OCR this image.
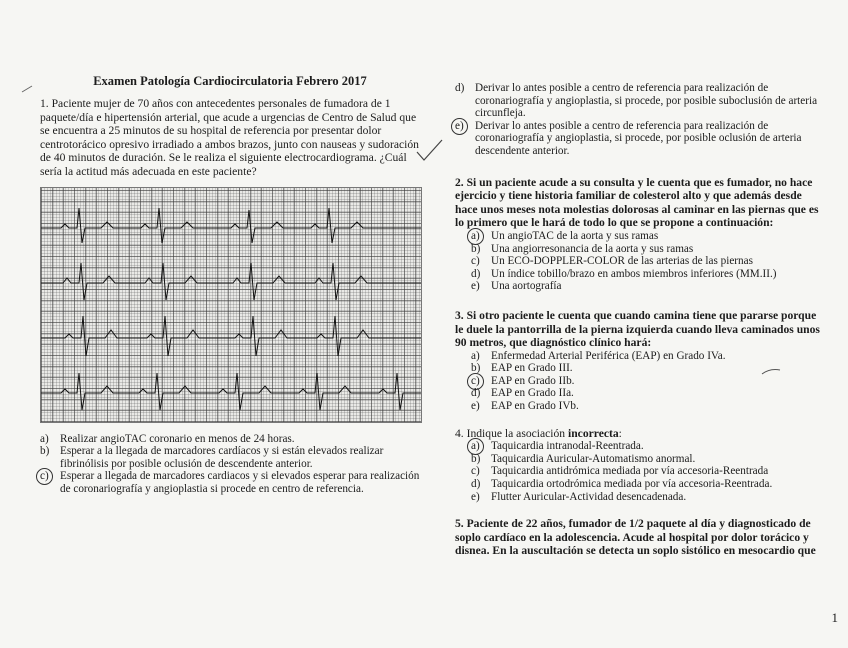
Examen Patología Cardiocirculatoria Febrero 2017

1. Paciente mujer de 70 años con antecedentes personales de fumadora de 1 paquete/día e hipertensión arterial, que acude a urgencias de Centro de Salud que se encuentra a 25 minutos de su hospital de referencia por presentar dolor centrotorácico opresivo irradiado a ambos brazos, junto con nauseas y sudoración de 40 minutos de duración. Se le realiza el siguiente electrocardiograma. ¿Cuál sería la actitud más adecuada en este paciente?

a)	Realizar angioTAC coronario en menos de 24 horas.
b) Esperar a la llegada de marcadores cardíacos y si están elevados realizar fibrinólisis por posible oclusión de descendente anterior.
c)	Esperar a llegada de marcadores cardiacos y si elevados esperar para realización de coronariografía y angioplastia si procede en centro de referencia.
d) Derivar lo antes posible a centro de referencia para realización de coronariografía y angioplastia, si procede, por posible suboclusión de arteria circunfleja.
e)	Derivar lo antes posible a centro de referencia para realización de coronariografía y angioplastia, si procede, por posible oclusión de arteria descendente anterior.

2. Si un paciente acude a su consulta y le cuenta que es fumador, no hace ejercicio y tiene historia familiar de colesterol alto y que además desde hace unos meses nota molestias dolorosas al caminar en las piernas que es lo primero que le hará de todo lo que se propone a continuación:

a)	Un angioTAC de la aorta y sus ramas
b) Una angiorresonancia de la aorta y sus ramas
c)	Un ECO-DOPPLER-COLOR de las arterias de las piernas
d) Un índice tobillo/brazo en ambos miembros inferiores (MM.II.)
e)	Una aortografía

3. Si otro paciente le cuenta que cuando camina tiene que pararse porque le duele la pantorrilla de la pierna izquierda cuando lleva caminados unos 90 metros, que diagnóstico clínico hará:

a)	Enfermedad Arterial Periférica (EAP) en Grado IVa.
b) EAP en Grado III.
c)	EAP en Grado IIb.
d) EAP en Grado IIa.
e)	EAP en Grado IVb.

4. Indique la asociación incorrecta:

a)	Taquicardia intranodal-Reentrada.
b) Taquicardia Auricular-Automatismo anormal.
c)	Taquicardia antidrómica mediada por vía accesoria-Reentrada
d) Taquicardia ortodrómica mediada por vía accesoria-Reentrada.
e)	Flutter Auricular-Actividad desencadenada.

5. Paciente de 22 años, fumador de 1/2 paquete al día y diagnosticado de soplo cardíaco en la adolescencia. Acude al hospital por dolor torácico y disnea. En la auscultación se detecta un soplo sistólico en mesocardio que

1
